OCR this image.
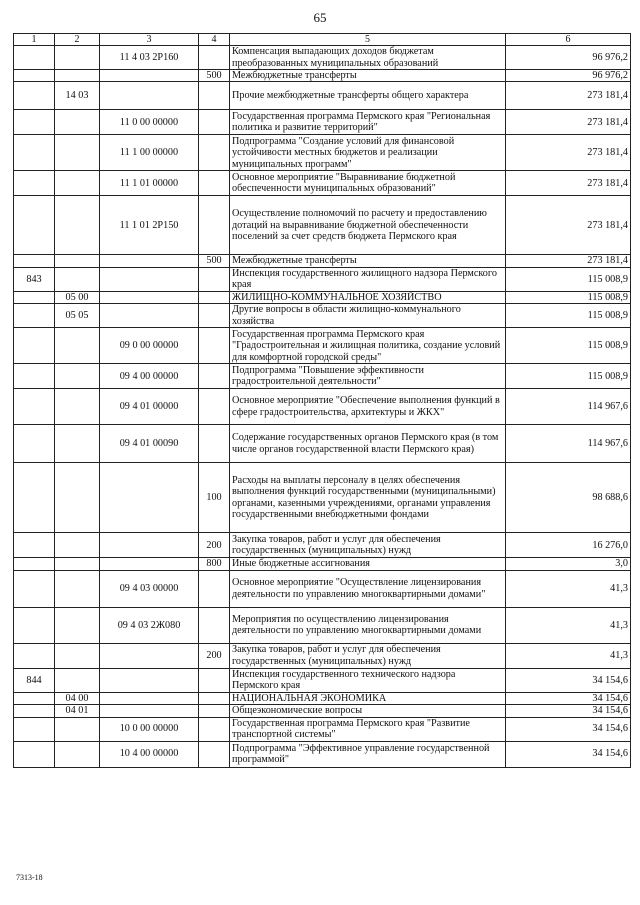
65
1	2	3	4	5	6
		11 4 03 2Р160		Компенсация выпадающих доходов бюджетам преобразованных муниципальных образований	96 976,2
			500	Межбюджетные трансферты	96 976,2
	14 03			Прочие межбюджетные трансферты общего характера	273 181,4
		11 0 00 00000		Государственная программа Пермского края "Региональная политика и развитие территорий"	273 181,4
		11 1 00 00000		Подпрограмма "Создание условий для финансовой устойчивости местных бюджетов и реализации муниципальных программ"	273 181,4
		11 1 01 00000		Основное мероприятие "Выравнивание бюджетной обеспеченности муниципальных образований"	273 181,4
		11 1 01 2Р150		Осуществление полномочий по расчету и предоставлению дотаций на выравнивание бюджетной обеспеченности поселений за счет средств бюджета Пермского края	273 181,4
			500	Межбюджетные трансферты	273 181,4
843				Инспекция государственного жилищного надзора Пермского края	115 008,9
	05 00			ЖИЛИЩНО-КОММУНАЛЬНОЕ ХОЗЯЙСТВО	115 008,9
	05 05			Другие вопросы в области жилищно-коммунального хозяйства	115 008,9
		09 0 00 00000		Государственная программа Пермского края "Градостроительная и жилищная политика, создание условий для комфортной городской среды"	115 008,9
		09 4 00 00000		Подпрограмма "Повышение эффективности градостроительной деятельности"	115 008,9
		09 4 01 00000		Основное мероприятие "Обеспечение выполнения функций в сфере градостроительства, архитектуры и ЖКХ"	114 967,6
		09 4 01 00090		Содержание государственных органов Пермского края (в том числе органов государственной власти Пермского края)	114 967,6
			100	Расходы на выплаты персоналу в целях обеспечения выполнения функций государственными (муниципальными) органами, казенными учреждениями, органами управления государственными внебюджетными фондами	98 688,6
			200	Закупка товаров, работ и услуг для обеспечения государственных (муниципальных) нужд	16 276,0
			800	Иные бюджетные ассигнования	3,0
		09 4 03 00000		Основное мероприятие "Осуществление лицензирования деятельности по управлению многоквартирными домами"	41,3
		09 4 03 2Ж080		Мероприятия по осуществлению лицензирования деятельности по управлению многоквартирными домами	41,3
			200	Закупка товаров, работ и услуг для обеспечения государственных (муниципальных) нужд	41,3
844				Инспекция государственного технического надзора Пермского края	34 154,6
	04 00			НАЦИОНАЛЬНАЯ ЭКОНОМИКА	34 154,6
	04 01			Общеэкономические вопросы	34 154,6
		10 0 00 00000		Государственная программа Пермского края "Развитие транспортной системы"	34 154,6
		10 4 00 00000		Подпрограмма "Эффективное управление государственной программой"	34 154,6
7313-18
